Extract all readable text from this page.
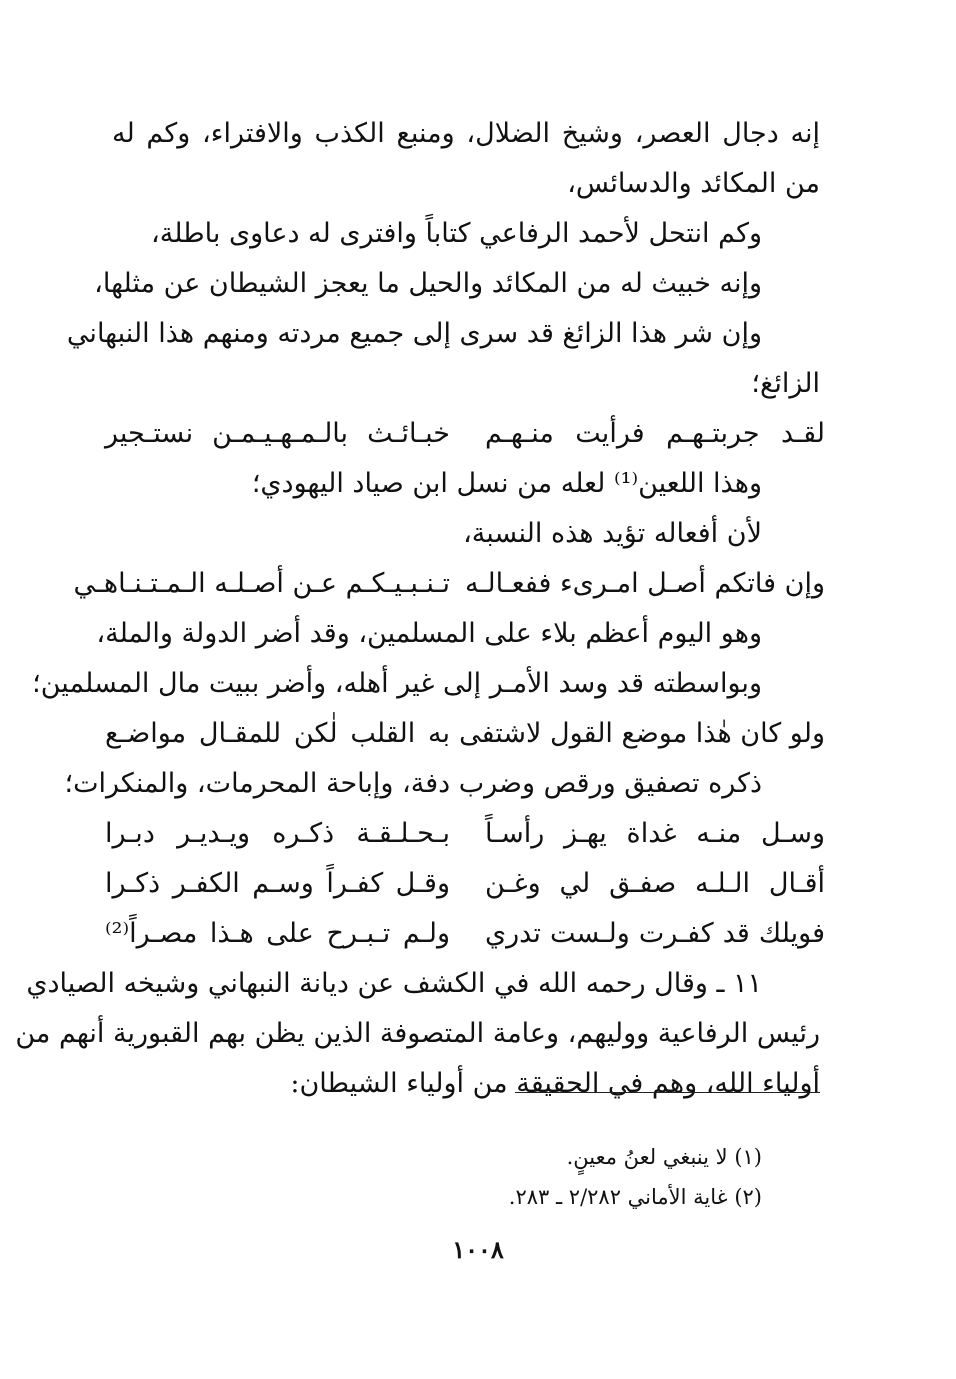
إنه دجال العصر، وشيخ الضلال، ومنبع الكذب والافتراء، وكم له
من المكائد والدسائس،
وكم انتحل لأحمد الرفاعي كتاباً وافترى له دعاوى باطلة،
وإنه خبيث له من المكائد والحيل ما يعجز الشيطان عن مثلها،
وإن شر هذا الزائغ قد سرى إلى جميع مردته ومنهم هذا النبهاني
الزائغ؛
لقـد جربتـهـم فرأيت منـهـم
خبـائـث بالـمـهـيـمـن نستـجير
وهذا اللعين⁽¹⁾ لعله من نسل ابن صياد اليهودي؛
لأن أفعاله تؤيد هذه النسبة،
وإن فاتكم أصـل امـرىء ففعـالـه
تـنـبـيـكـم عـن أصـلـه الـمـتـنـاهـي
وهو اليوم أعظم بلاء على المسلمين، وقد أضر الدولة والملة،
وبواسطته قد وسد الأمـر إلى غير أهله، وأضر ببيت مال المسلمين؛
ولو كان هٰذا موضع القول لاشتفى
به القلب لٰكن للمقـال مواضـع
ذكره تصفيق ورقص وضرب دفة، وإباحة المحرمات، والمنكرات؛
وسـل منـه غداة يهـز رأسـاً
بـحـلـقـة ذكـره ويـديـر دبـرا
أقـال الـلـه صفـق لي وغـن
وقـل كفـراً وسـم الكفـر ذكـرا
فويلك قد كفـرت ولـست تدري
ولـم تـبـرح على هـذا مصـراً⁽²⁾
١١ ـ وقال رحمه الله في الكشف عن ديانة النبهاني وشيخه الصيادي
رئيس الرفاعية ووليهم، وعامة المتصوفة الذين يظن بهم القبورية أنهم من
أولياء الله، وهم في الحقيقة من أولياء الشيطان:
(١) لا ينبغي لعنُ معينٍ.
(٢) غاية الأماني ٢/٢٨٢ ـ ٢٨٣.
١٠٠٨
